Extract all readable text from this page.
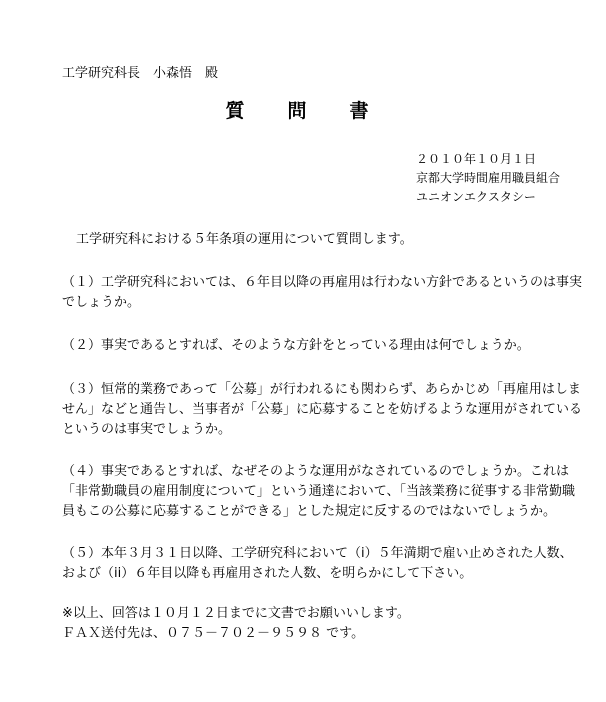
工学研究科長　小森悟　殿
質　問　書
２０１０年１０月１日
京都大学時間雇用職員組合
ユニオンエクスタシー
工学研究科における５年条項の運用について質問します。
（１）工学研究科においては、６年目以降の再雇用は行わない方針であるというのは事実
でしょうか。
（２）事実であるとすれば、そのような方針をとっている理由は何でしょうか。
（３）恒常的業務であって「公募」が行われるにも関わらず、あらかじめ「再雇用はしま
せん」などと通告し、当事者が「公募」に応募することを妨げるような運用がされている
というのは事実でしょうか。
（４）事実であるとすれば、なぜそのような運用がなされているのでしょうか。これは
「非常勤職員の雇用制度について」という通達において、「当該業務に従事する非常勤職
員もこの公募に応募することができる」とした規定に反するのではないでしょうか。
（５）本年３月３１日以降、工学研究科において（i）５年満期で雇い止めされた人数、
および（ii）６年目以降も再雇用された人数、を明らかにして下さい。
※以上、回答は１０月１２日までに文書でお願いいします。
ＦＡＸ送付先は、０７５－７０２－９５９８ です。
